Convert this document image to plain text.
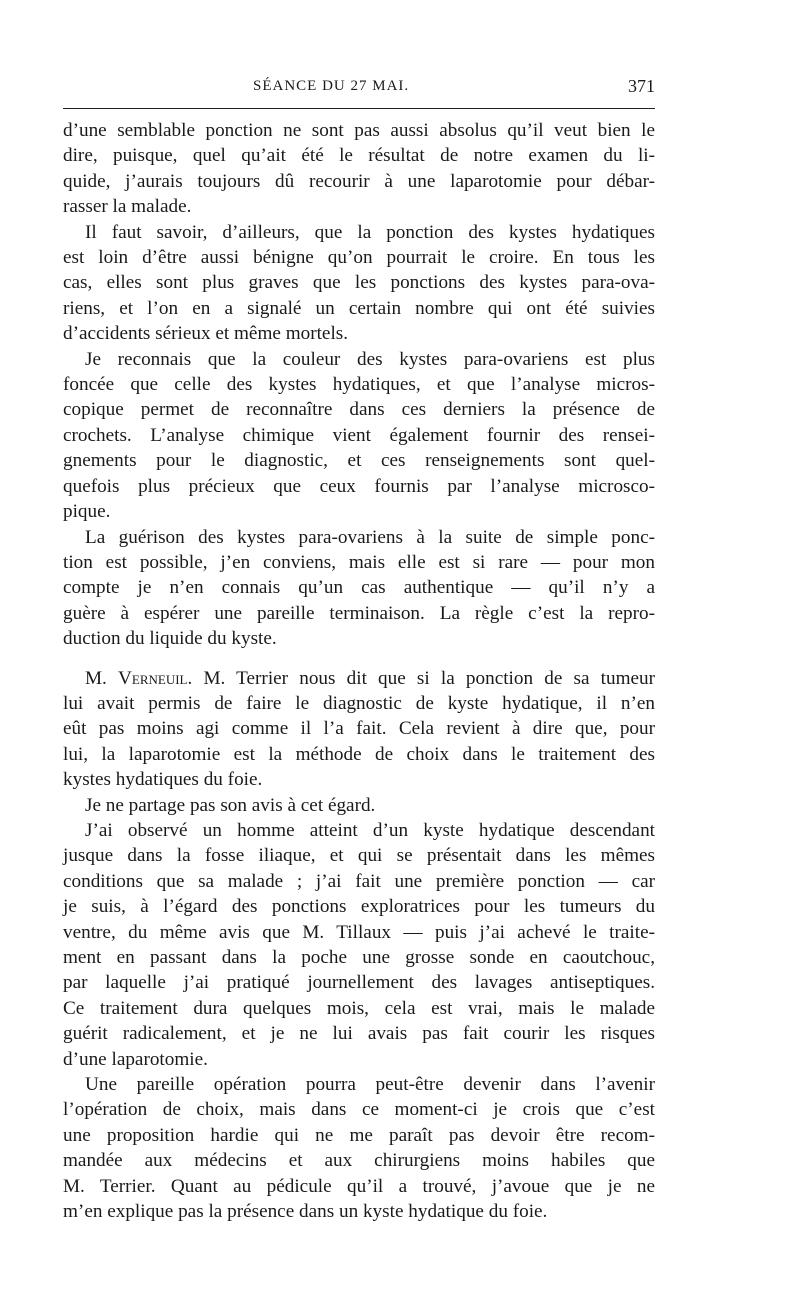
SÉANCE DU 27 MAI.	371

d’une semblable ponction ne sont pas aussi absolus qu’il veut bien le
dire, puisque, quel qu’ait été le résultat de notre examen du li-
quide, j’aurais toujours dû recourir à une laparotomie pour débar-
rasser la malade.

Il faut savoir, d’ailleurs, que la ponction des kystes hydatiques
est loin d’être aussi bénigne qu’on pourrait le croire. En tous les
cas, elles sont plus graves que les ponctions des kystes para-ova-
riens, et l’on en a signalé un certain nombre qui ont été suivies
d’accidents sérieux et même mortels.

Je reconnais que la couleur des kystes para-ovariens est plus
foncée que celle des kystes hydatiques, et que l’analyse micros-
copique permet de reconnaître dans ces derniers la présence de
crochets. L’analyse chimique vient également fournir des rensei-
gnements pour le diagnostic, et ces renseignements sont quel-
quefois plus précieux que ceux fournis par l’analyse microsco-
pique.

La guérison des kystes para-ovariens à la suite de simple ponc-
tion est possible, j’en conviens, mais elle est si rare — pour mon
compte je n’en connais qu’un cas authentique — qu’il n’y a
guère à espérer une pareille terminaison. La règle c’est la repro-
duction du liquide du kyste.

M. Verneuil. M. Terrier nous dit que si la ponction de sa tumeur
lui avait permis de faire le diagnostic de kyste hydatique, il n’en
eût pas moins agi comme il l’a fait. Cela revient à dire que, pour
lui, la laparotomie est la méthode de choix dans le traitement des
kystes hydatiques du foie.

Je ne partage pas son avis à cet égard.

J’ai observé un homme atteint d’un kyste hydatique descendant
jusque dans la fosse iliaque, et qui se présentait dans les mêmes
conditions que sa malade ; j’ai fait une première ponction — car
je suis, à l’égard des ponctions exploratrices pour les tumeurs du
ventre, du même avis que M. Tillaux — puis j’ai achevé le traite-
ment en passant dans la poche une grosse sonde en caoutchouc,
par laquelle j’ai pratiqué journellement des lavages antiseptiques.
Ce traitement dura quelques mois, cela est vrai, mais le malade
guérit radicalement, et je ne lui avais pas fait courir les risques
d’une laparotomie.

Une pareille opération pourra peut-être devenir dans l’avenir
l’opération de choix, mais dans ce moment-ci je crois que c’est
une proposition hardie qui ne me paraît pas devoir être recom-
mandée aux médecins et aux chirurgiens moins habiles que
M. Terrier. Quant au pédicule qu’il a trouvé, j’avoue que je ne
m’en explique pas la présence dans un kyste hydatique du foie.
